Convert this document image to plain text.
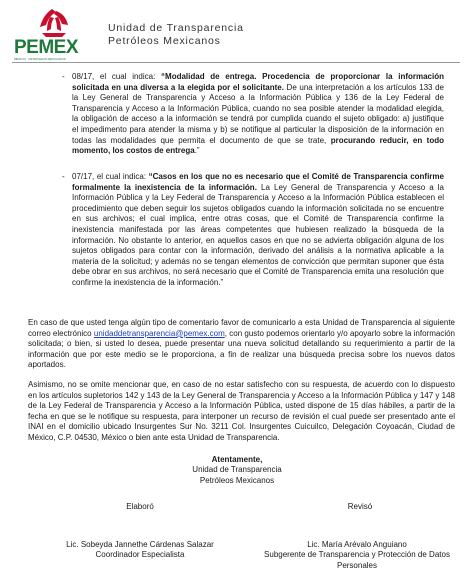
PEMEX
MÉXICO · PETRÓLEOS MEXICANOS
Unidad de Transparencia
Petróleos Mexicanos
- 08/17, el cual indica: “Modalidad de entrega. Procedencia de proporcionar la información solicitada en una diversa a la elegida por el solicitante. De una interpretación a los artículos 133 de la Ley General de Transparencia y Acceso a la Información Pública y 136 de la Ley Federal de Transparencia y Acceso a la Información Pública, cuando no sea posible atender la modalidad elegida, la obligación de acceso a la información se tendrá por cumplida cuando el sujeto obligado: a) justifique el impedimento para atender la misma y b) se notifique al particular la disposición de la información en todas las modalidades que permita el documento de que se trate, procurando reducir, en todo momento, los costos de entrega.”
- 07/17, el cual indica: “Casos en los que no es necesario que el Comité de Transparencia confirme formalmente la inexistencia de la información. La Ley General de Transparencia y Acceso a la Información Pública y la Ley Federal de Transparencia y Acceso a la Información Pública establecen el procedimiento que deben seguir los sujetos obligados cuando la información solicitada no se encuentre en sus archivos; el cual implica, entre otras cosas, que el Comité de Transparencia confirme la inexistencia manifestada por las áreas competentes que hubiesen realizado la búsqueda de la información. No obstante lo anterior, en aquellos casos en que no se advierta obligación alguna de los sujetos obligados para contar con la información, derivado del análisis a la normativa aplicable a la materia de la solicitud; y además no se tengan elementos de convicción que permitan suponer que ésta debe obrar en sus archivos, no será necesario que el Comité de Transparencia emita una resolución que confirme la inexistencia de la información.”
En caso de que usted tenga algún tipo de comentario favor de comunicarlo a esta Unidad de Transparencia al siguiente correo electrónico unidaddetransparencia@pemex.com, con gusto podemos orientarlo y/o apoyarlo sobre la información solicitada; o bien, si usted lo desea, puede presentar una nueva solicitud detallando su requerimiento a partir de la información que por este medio se le proporciona, a fin de realizar una búsqueda precisa sobre los nuevos datos aportados.
Asimismo, no se omite mencionar que, en caso de no estar satisfecho con su respuesta, de acuerdo con lo dispuesto en los artículos supletorios 142 y 143 de la Ley General de Transparencia y Acceso a la Información Pública y 147 y 148 de la Ley Federal de Transparencia y Acceso a la Información Pública, usted dispone de 15 días hábiles, a partir de la fecha en que se le notifique su respuesta, para interponer un recurso de revisión el cual puede ser presentado ante el INAI en el domicilio ubicado Insurgentes Sur No. 3211 Col. Insurgentes Cuicuilco, Delegación Coyoacán, Ciudad de México, C.P. 04530, México o bien ante esta Unidad de Transparencia.
Atentamente,
Unidad de Transparencia
Petróleos Mexicanos
Elaboró
Lic. Sobeyda Jannethe Cárdenas Salazar
Coordinador Especialista
Revisó
Lic. María Arévalo Anguiano
Subgerente de Transparencia y Protección de Datos
Personales
